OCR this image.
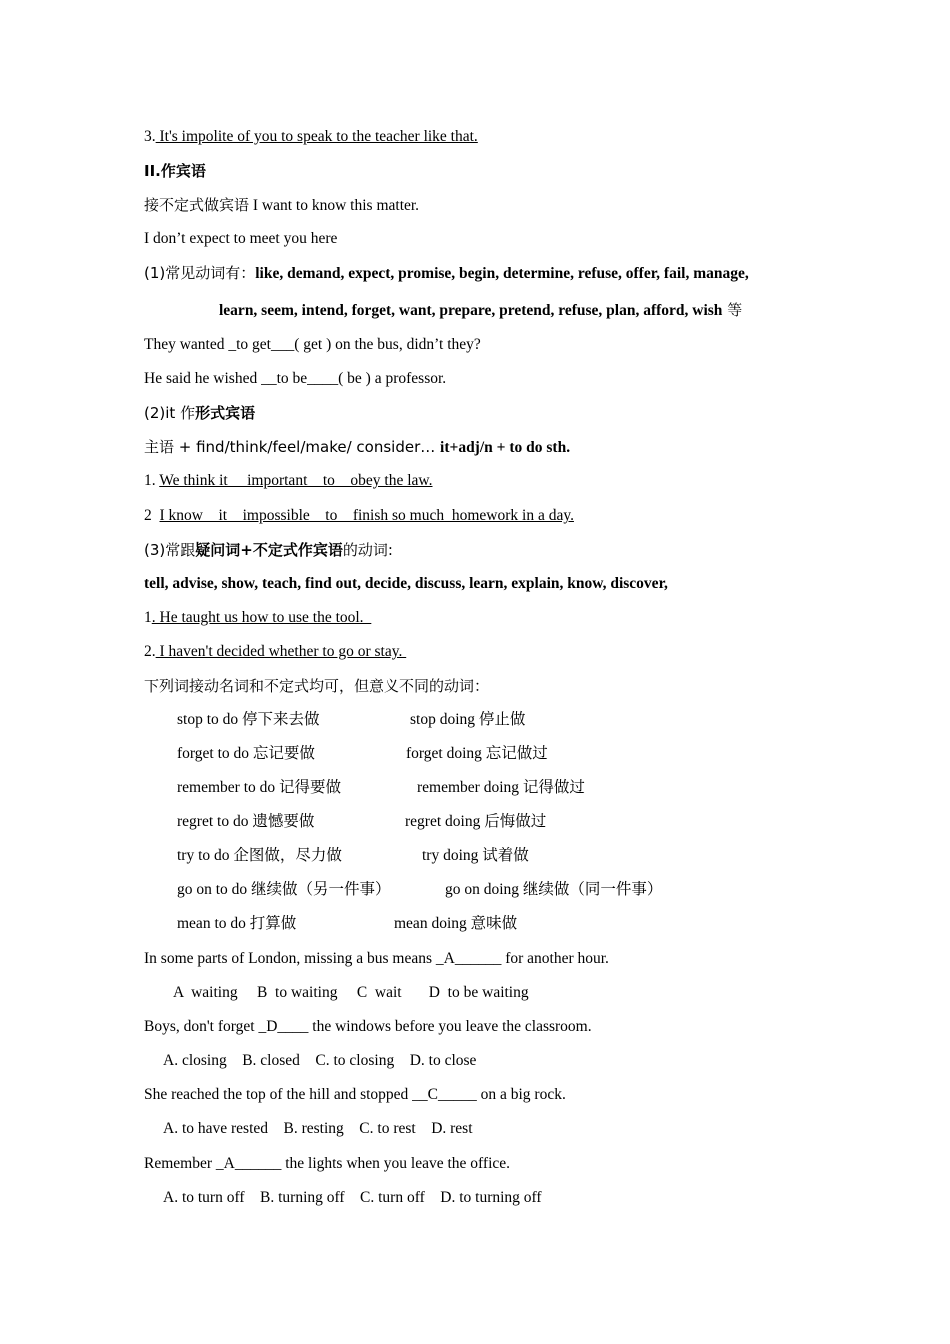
3. It's impolite of you to speak to the teacher like that.
II.作宾语
接不定式做宾语 I want to know this matter.
I don’t expect to meet you here
(1)常见动词有：like, demand, expect, promise, begin, determine, refuse, offer, fail, manage,
learn, seem, intend, forget, want, prepare, pretend, refuse, plan, afford, wish 等
They wanted _to get___( get ) on the bus, didn’t they?
He said he wished __to be____( be ) a professor.
(2)it 作形式宾语
主语 + find/think/feel/make/ consider… it+adj/n + to do sth.
1. We think it     important    to    obey the law.
2  I know _ it _ impossible _ to _ finish so much  homework in a day.
(3)常跟疑问词+不定式作宾语的动词:
tell, advise, show, teach, find out, decide, discuss, learn, explain, know, discover,
1. He taught us how to use the tool.
2. I haven't decided whether to go or stay.
下列词接动名词和不定式均可，但意义不同的动词：
stop to do 停下来去做	stop doing 停止做
forget to do 忘记要做	forget doing 忘记做过
remember to do 记得要做	remember doing 记得做过
regret to do 遗憾要做	regret doing 后悔做过
try to do 企图做，尽力做	try doing 试着做
go on to do 继续做（另一件事）	go on doing 继续做（同一件事）
mean to do 打算做	mean doing 意味做
In some parts of London, missing a bus means _A______ for another hour.
A  waiting     B  to waiting     C  wait       D  to be waiting
Boys, don't forget _D____ the windows before you leave the classroom.
A. closing    B. closed    C. to closing    D. to close
She reached the top of the hill and stopped __C_____ on a big rock.
A. to have rested    B. resting    C. to rest    D. rest
Remember _A______ the lights when you leave the office.
A. to turn off    B. turning off    C. turn off    D. to turning off
